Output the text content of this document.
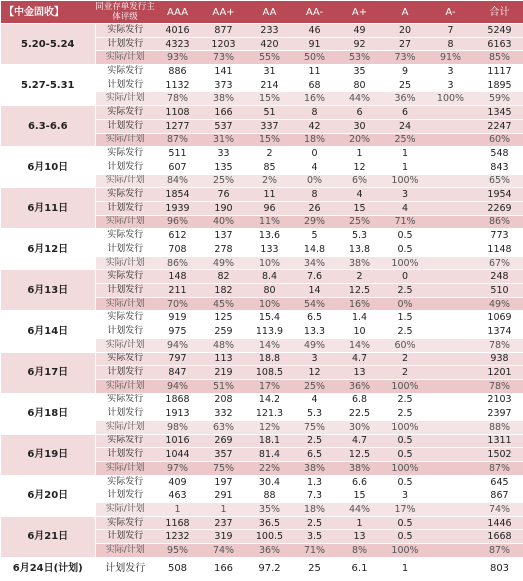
【中金固收】	同业存单发行主体评级	AAA	AA+	AA	AA-	A+	A	A-	合计
5.20-5.24	实际发行	4016	877	233	46	49	20	7	5249
	计划发行	4323	1203	420	91	92	27	8	6163
	实际/计划	93%	73%	55%	50%	53%	73%	91%	85%
5.27-5.31	实际发行	886	141	31	11	35	9	3	1117
	计划发行	1132	373	214	68	80	25	3	1895
	实际/计划	78%	38%	15%	16%	44%	36%	100%	59%
6.3-6.6	实际发行	1108	166	51	8	6	6		1345
	计划发行	1277	537	337	42	30	24		2247
	实际/计划	87%	31%	15%	18%	20%	25%		60%
6月10日	实际发行	511	33	2	0	1	1		548
	计划发行	607	135	85	4	12	1		843
	实际/计划	84%	25%	2%	0%	6%	100%		65%
6月11日	实际发行	1854	76	11	8	4	3		1954
	计划发行	1939	190	96	26	15	4		2269
	实际/计划	96%	40%	11%	29%	25%	71%		86%
6月12日	实际发行	612	137	13.6	5	5.3	0.5		773
	计划发行	708	278	133	14.8	13.8	0.5		1148
	实际/计划	86%	49%	10%	34%	38%	100%		67%
6月13日	实际发行	148	82	8.4	7.6	2	0		248
	计划发行	211	182	80	14	12.5	2.5		510
	实际/计划	70%	45%	10%	54%	16%	0%		49%
6月14日	实际发行	919	125	15.4	6.5	1.4	1.5		1069
	计划发行	975	259	113.9	13.3	10	2.5		1374
	实际/计划	94%	48%	14%	49%	14%	60%		78%
6月17日	实际发行	797	113	18.8	3	4.7	2		938
	计划发行	847	219	108.5	12	13	2		1201
	实际/计划	94%	51%	17%	25%	36%	100%		78%
6月18日	实际发行	1868	208	14.2	4	6.8	2.5		2103
	计划发行	1913	332	121.3	5.3	22.5	2.5		2397
	实际/计划	98%	63%	12%	75%	30%	100%		88%
6月19日	实际发行	1016	269	18.1	2.5	4.7	0.5		1311
	计划发行	1044	357	81.4	6.5	12.5	0.5		1502
	实际/计划	97%	75%	22%	38%	38%	100%		87%
6月20日	实际发行	409	197	30.4	1.3	6.6	0.5		645
	计划发行	463	291	88	7.3	15	3		867
	实际/计划	1	1	35%	18%	44%	17%		74%
6月21日	实际发行	1168	237	36.5	2.5	1	0.5		1446
	计划发行	1232	319	100.5	3.5	13	0.5		1668
	实际/计划	95%	74%	36%	71%	8%	100%		87%
6月24日(计划)	计划发行	508	166	97.2	25	6.1	1		803
